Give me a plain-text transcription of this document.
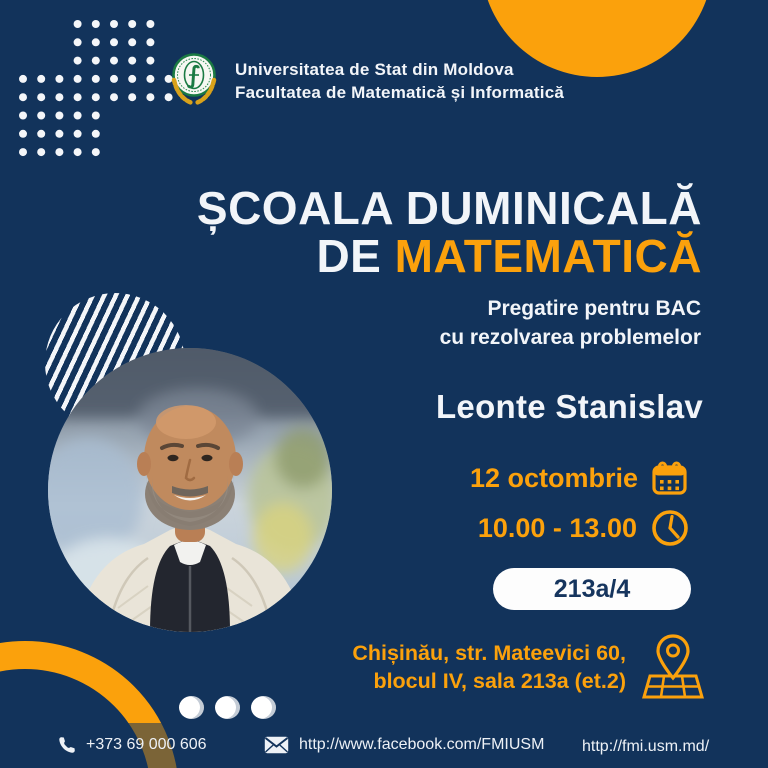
∫ Universitatea de Stat din Moldova
Facultatea de Matematică și Informatică
ȘCOALA DUMINICALĂ
DE MATEMATICĂ
Pregatire pentru BAC
cu rezolvarea problemelor
Leonte Stanislav
12 octombrie
10.00 - 13.00
213a/4
Chișinău, str. Mateevici 60,
blocul IV, sala 213a (et.2)
+373 69 000 606	http://www.facebook.com/FMIUSM http://fmi.usm.md/
